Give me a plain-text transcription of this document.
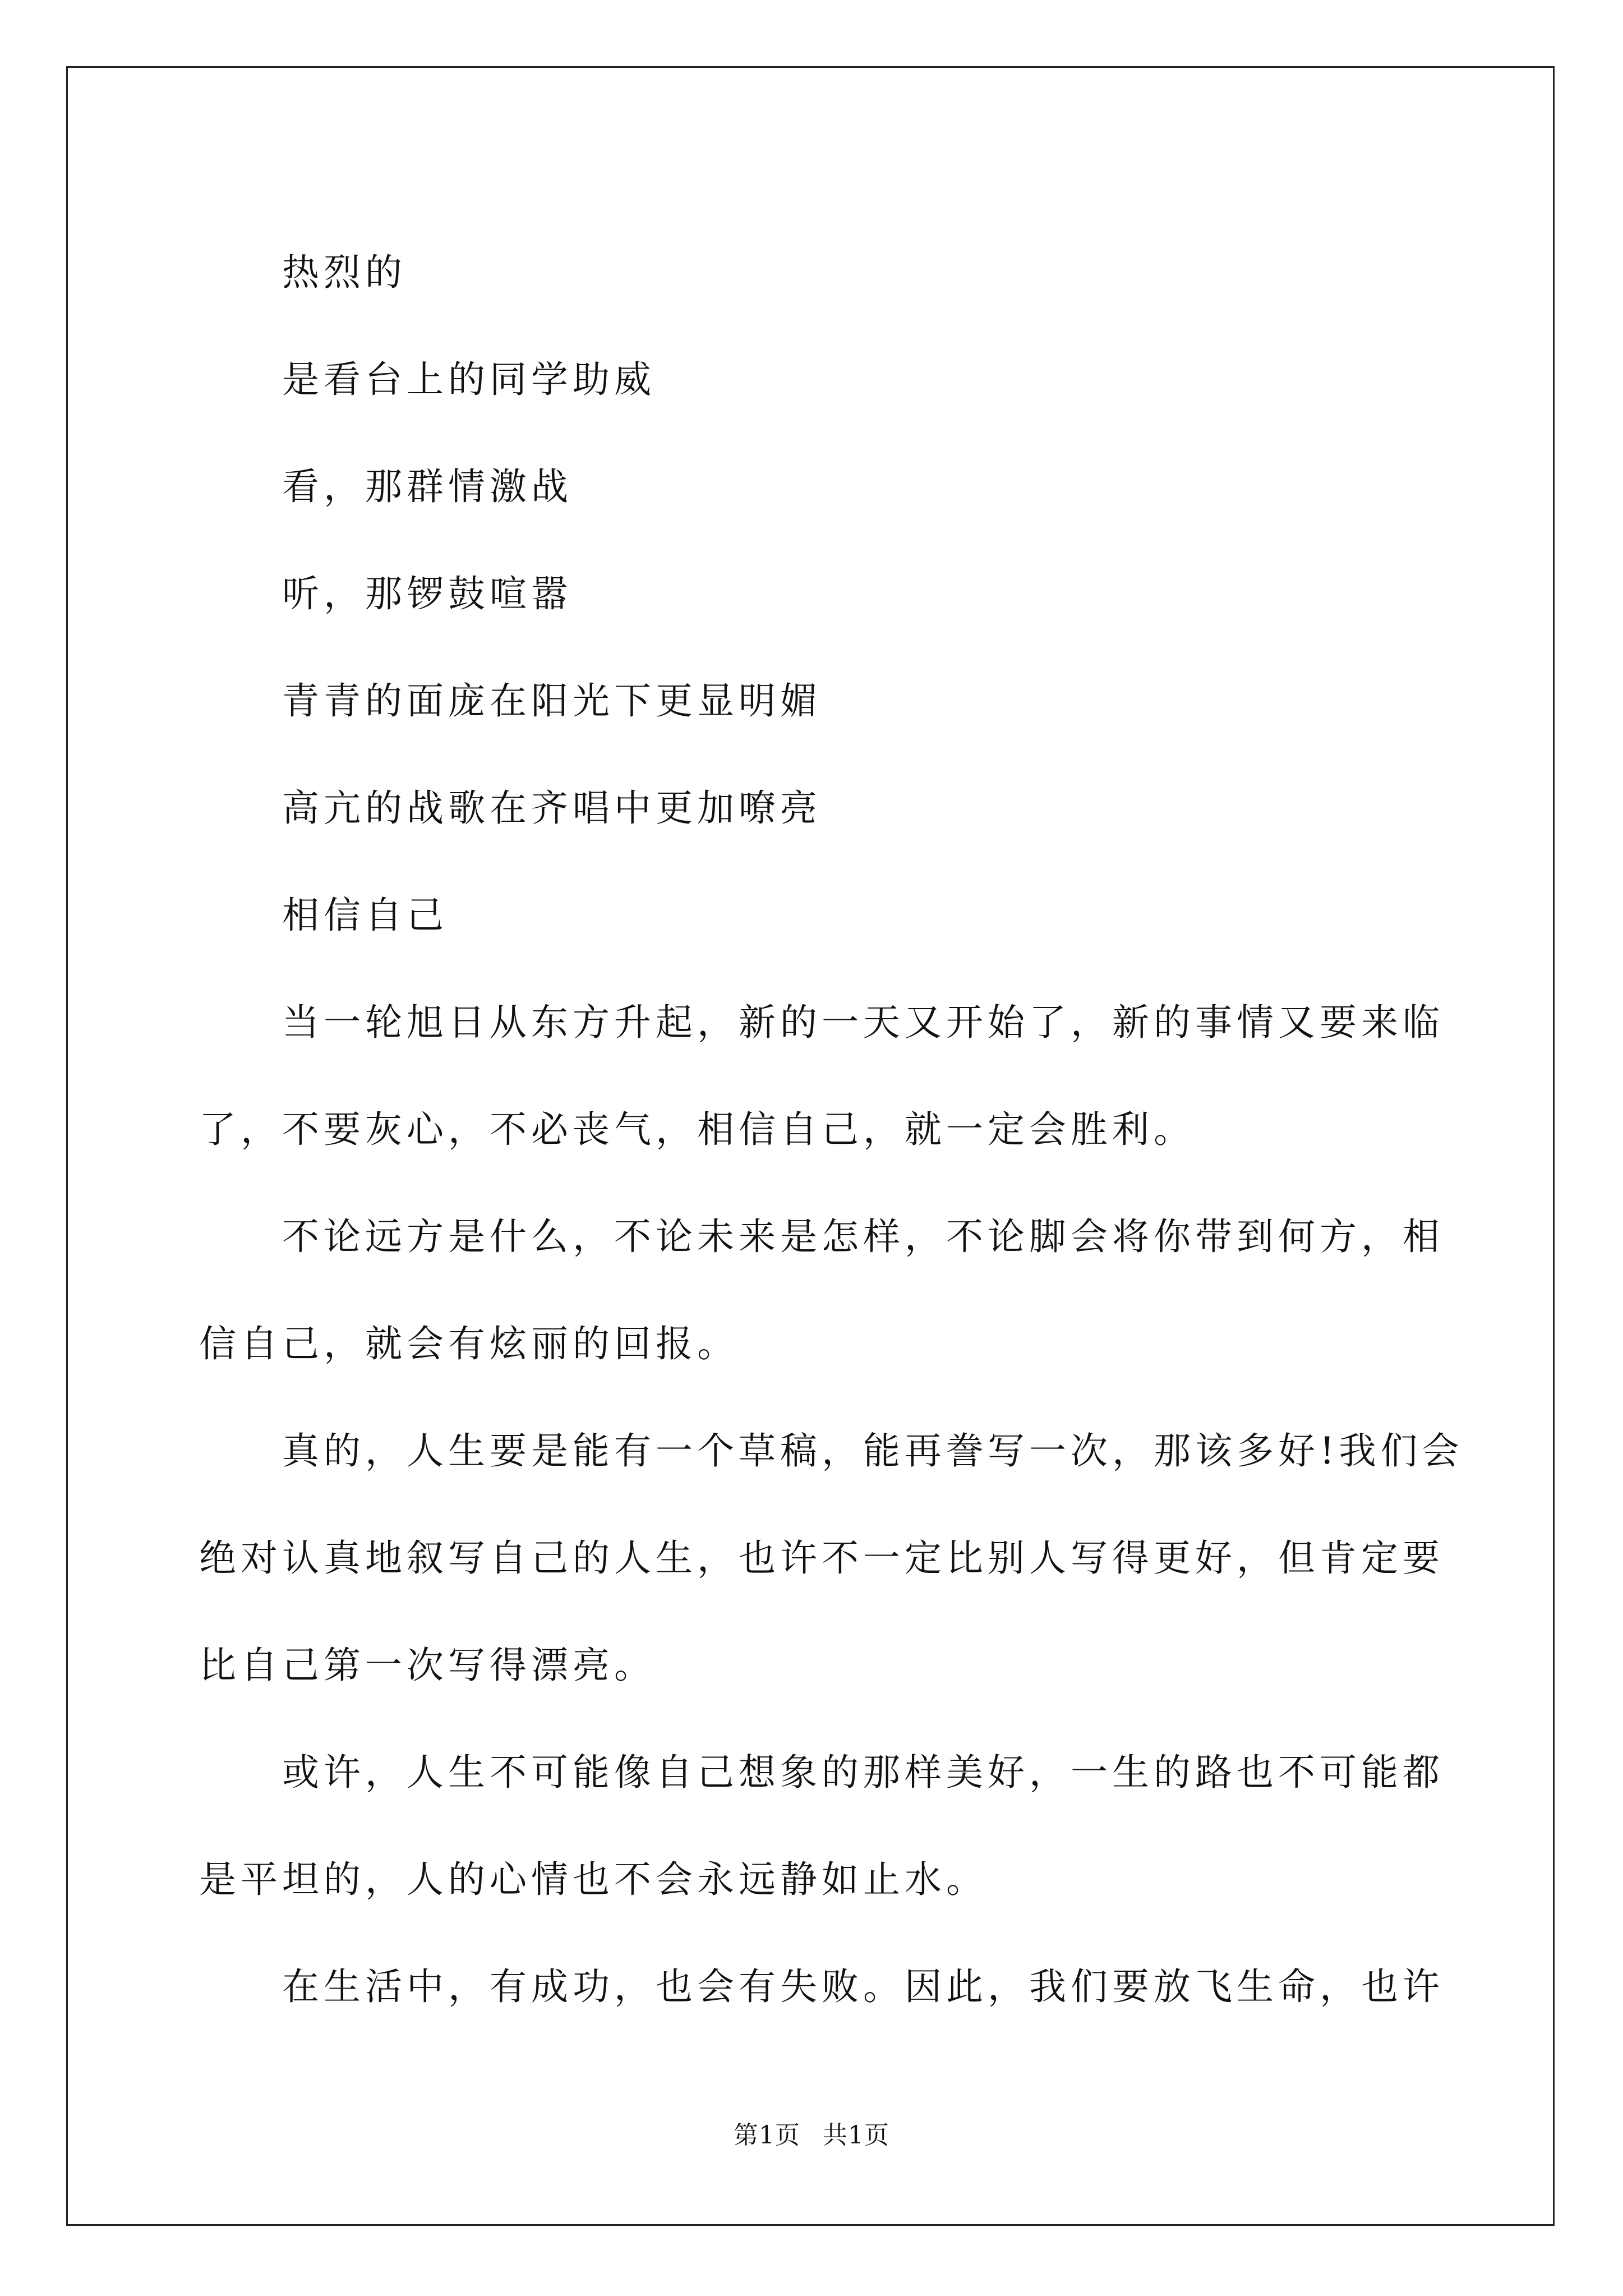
热烈的
是看台上的同学助威
看，那群情激战
听，那锣鼓喧嚣
青青的面庞在阳光下更显明媚
高亢的战歌在齐唱中更加嘹亮
相信自己
当一轮旭日从东方升起，新的一天又开始了，新的事情又要来临
了，不要灰心，不必丧气，相信自己，就一定会胜利。
不论远方是什么，不论未来是怎样，不论脚会将你带到何方，相
信自己，就会有炫丽的回报。
真的，人生要是能有一个草稿，能再誊写一次，那该多好!我们会
绝对认真地叙写自己的人生，也许不一定比别人写得更好，但肯定要
比自己第一次写得漂亮。
或许，人生不可能像自己想象的那样美好，一生的路也不可能都
是平坦的，人的心情也不会永远静如止水。
在生活中，有成功，也会有失败。因此，我们要放飞生命，也许
第1页 共1页
